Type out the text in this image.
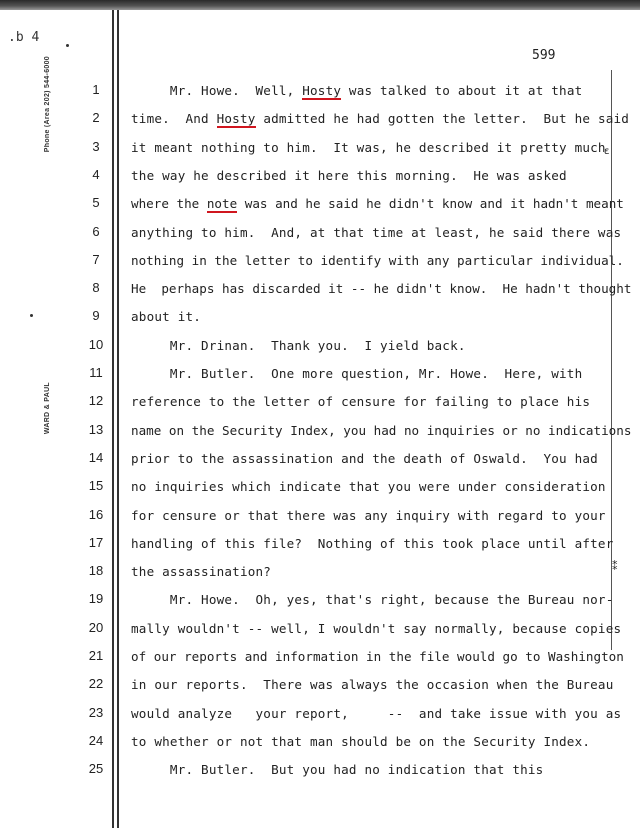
.b 4
Phone (Area 202) 544-6000
WARD & PAUL
599
1	Mr. Howe.  Well, Hosty was talked to about it at that
2	time.  And Hosty admitted he had gotten the letter.  But he said
3	it meant nothing to him.  It was, he described it pretty much
4	the way he described it here this morning.  He was asked
5	where the note was and he said he didn't know and it hadn't meant
6	anything to him.  And, at that time at least, he said there was
7	nothing in the letter to identify with any particular individual.
8	He  perhaps has discarded it -- he didn't know.  He hadn't thought
9	about it.
10	Mr. Drinan.  Thank you.  I yield back.
11	Mr. Butler.  One more question, Mr. Howe.  Here, with
12	reference to the letter of censure for failing to place his
13	name on the Security Index, you had no inquiries or no indications
14	prior to the assassination and the death of Oswald.  You had
15	no inquiries which indicate that you were under consideration
16	for censure or that there was any inquiry with regard to your
17	handling of this file?  Nothing of this took place until after
18	the assassination?
19	Mr. Howe.  Oh, yes, that's right, because the Bureau nor-
20	mally wouldn't -- well, I wouldn't say normally, because copies
21	of our reports and information in the file would go to Washington
22	in our reports.  There was always the occasion when the Bureau
23	would analyze   your report,     --  and take issue with you as
24	to whether or not that man should be on the Security Index.
25	Mr. Butler.  But you had no indication that this
ɛ
⁑
